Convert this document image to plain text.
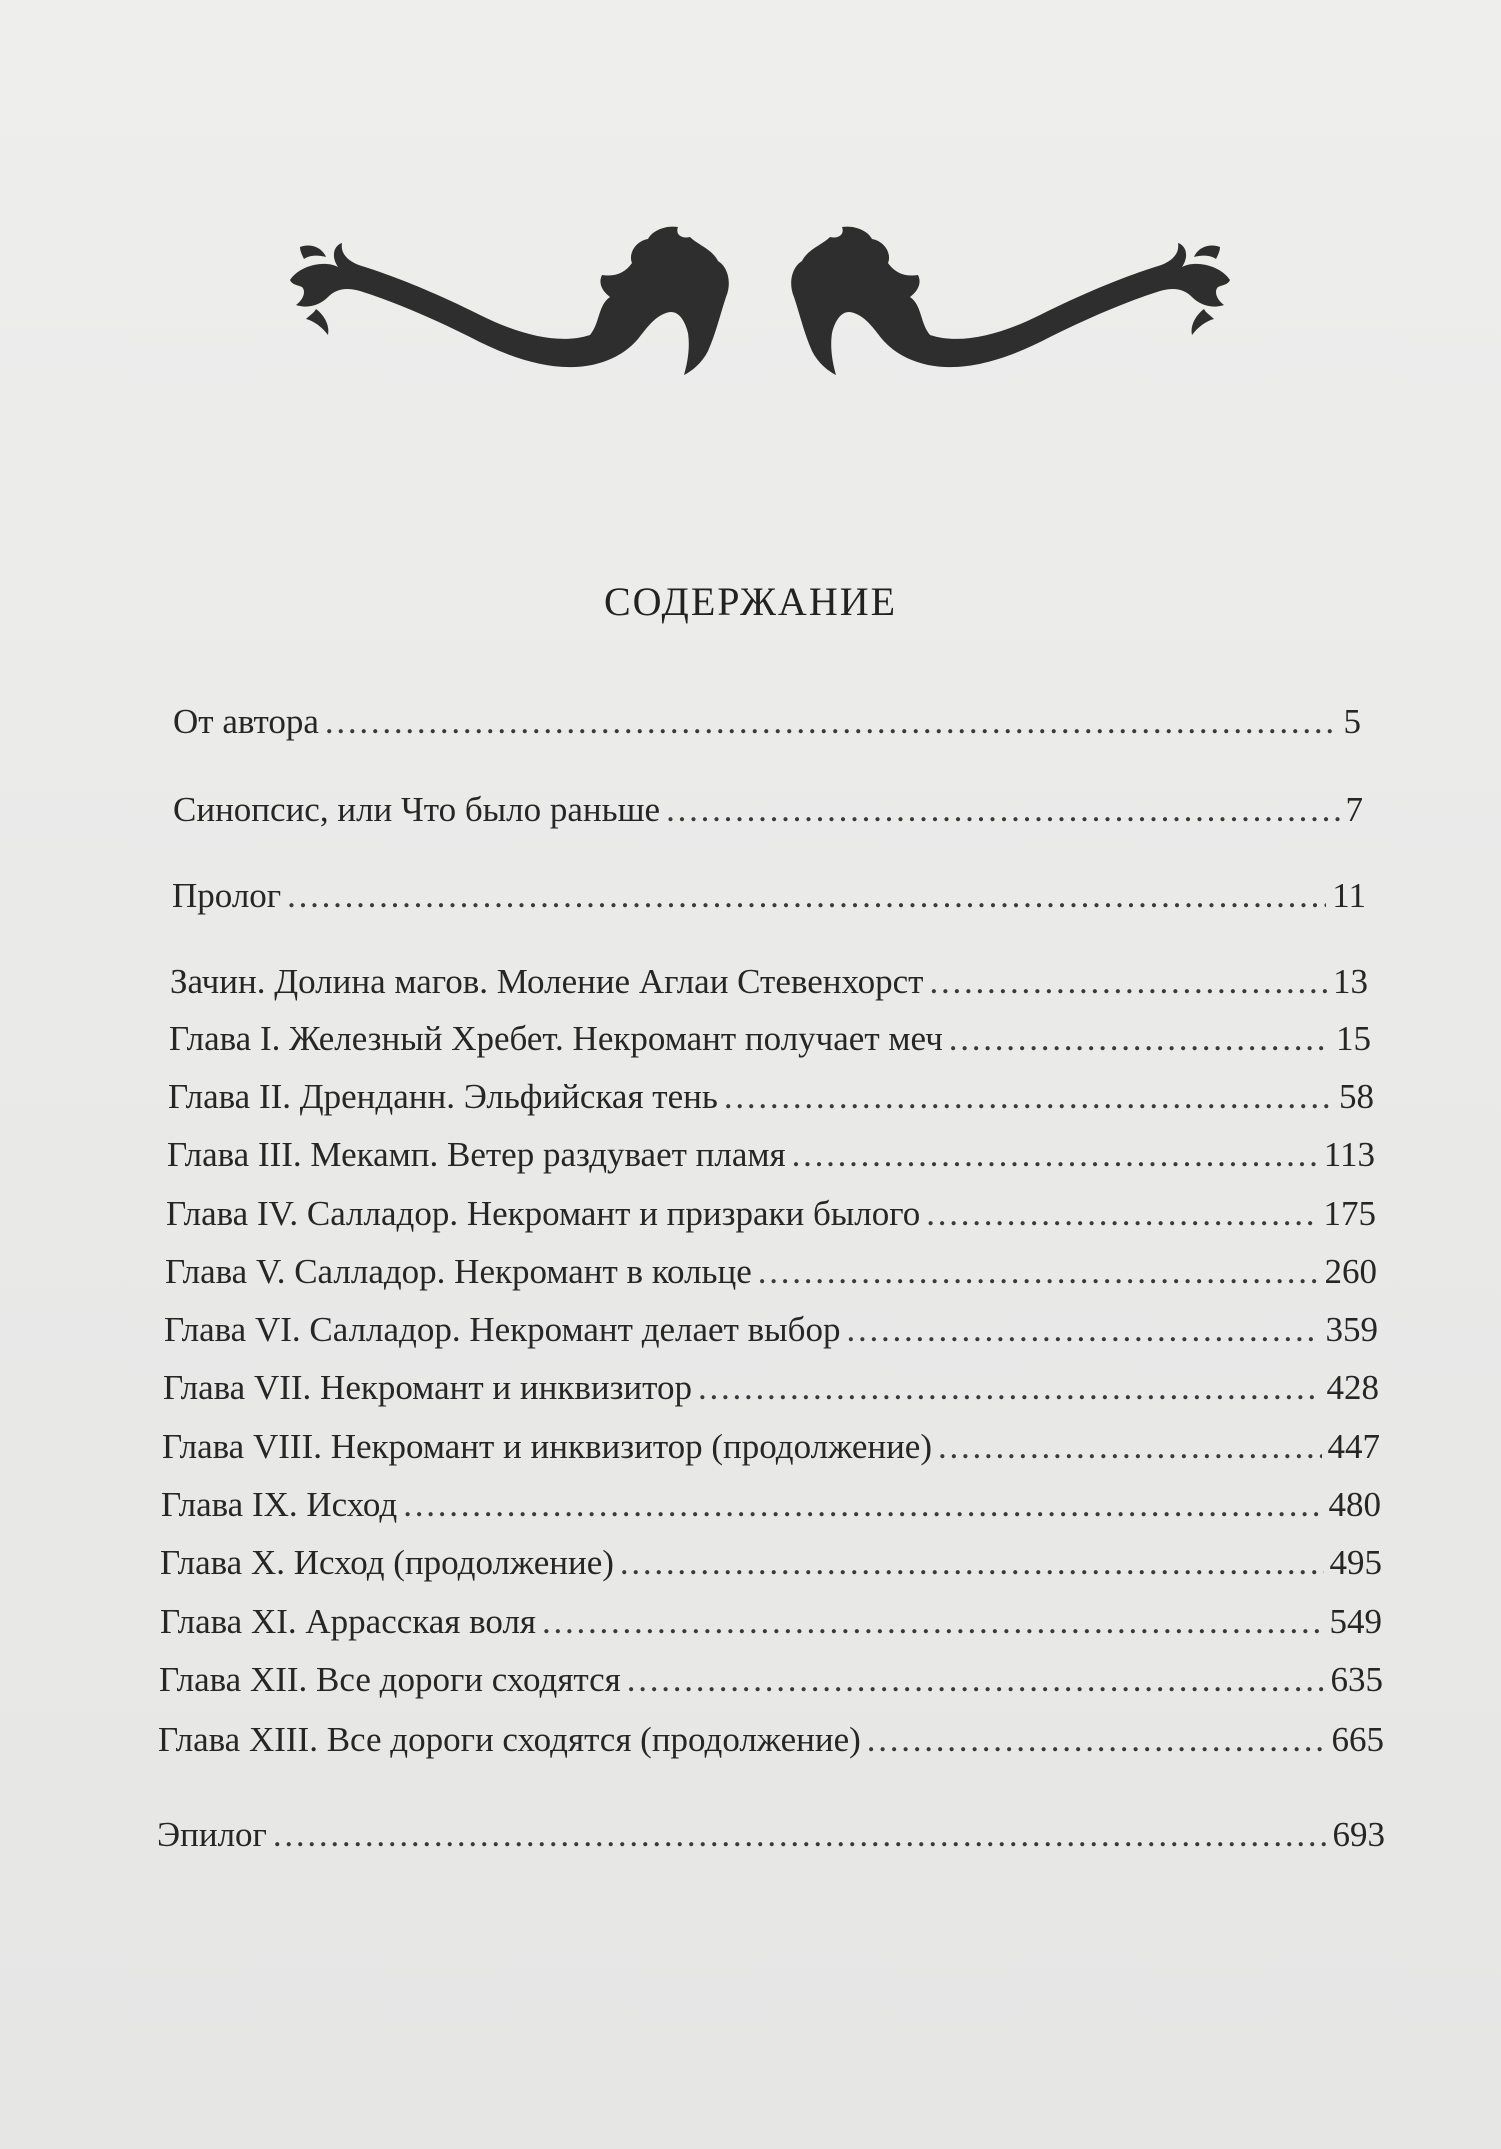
СОДЕРЖАНИЕ
От автора . . .	5
Синопсис, или Что было раньше . . .	7
Пролог . . .	11
Зачин. Долина магов. Моление Аглаи Стевенхорст . . .	13
Глава I. Железный Хребет. Некромант получает меч . . .	15
Глава II. Дренданн. Эльфийская тень . . .	58
Глава III. Мекамп. Ветер раздувает пламя . . .	113
Глава IV. Салладор. Некромант и призраки былого . . .	175
Глава V. Салладор. Некромант в кольце . . .	260
Глава VI. Салладор. Некромант делает выбор . . .	359
Глава VII. Некромант и инквизитор . . .	428
Глава VIII. Некромант и инквизитор (продолжение) . . .	447
Глава IX. Исход . . .	480
Глава X. Исход (продолжение) . . .	495
Глава XI. Аррасская воля . . .	549
Глава XII. Все дороги сходятся . . .	635
Глава XIII. Все дороги сходятся (продолжение) . . .	665
Эпилог . . .	693
